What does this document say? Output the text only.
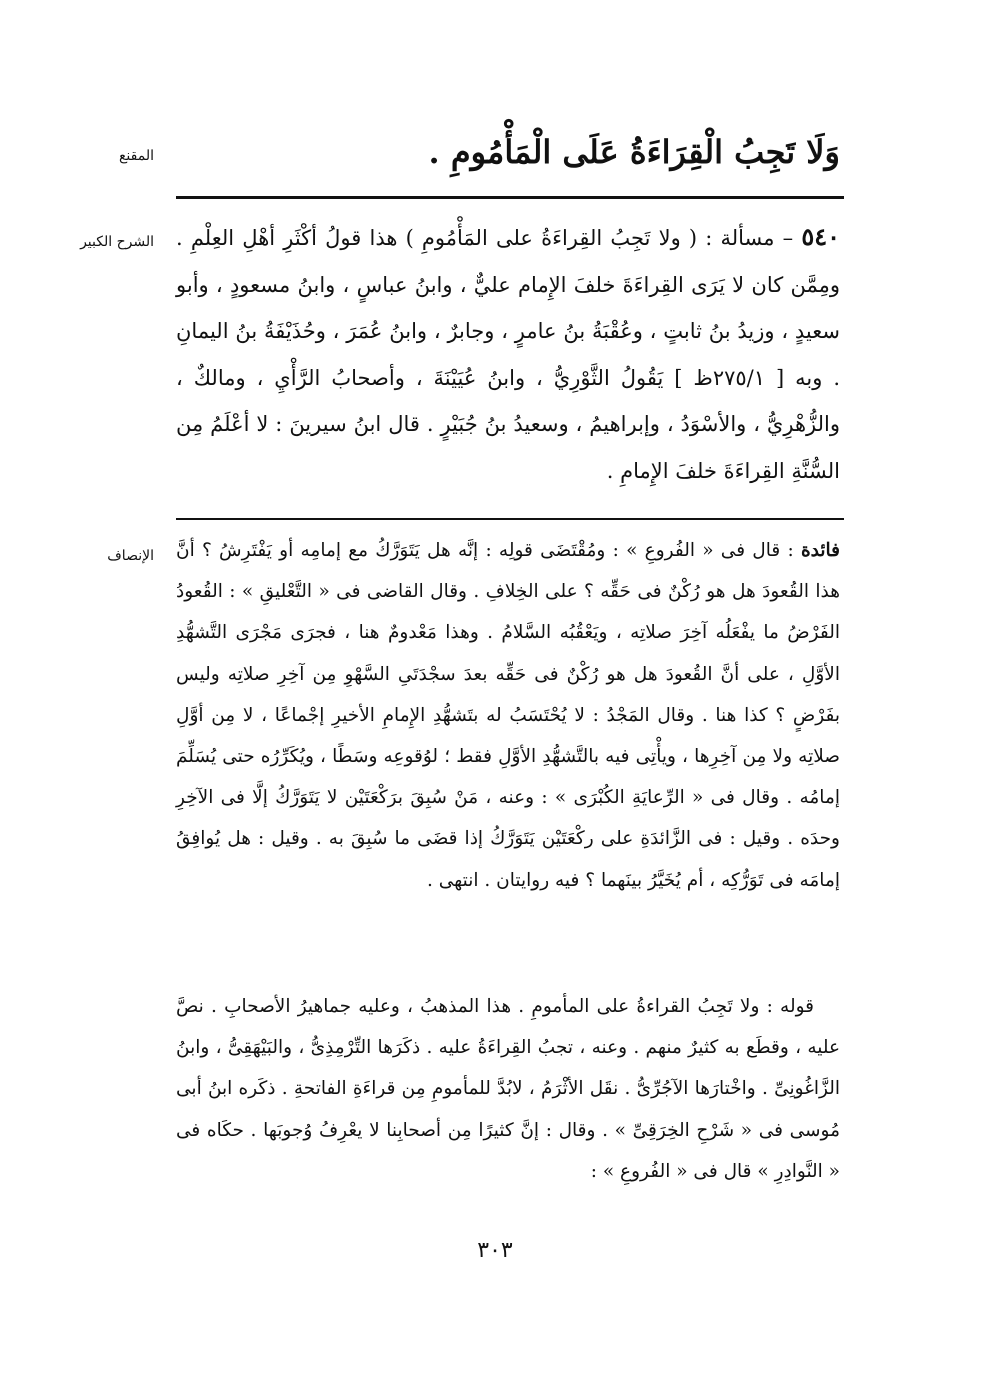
المقنع	وَلَا تَجِبُ الْقِرَاءَةُ عَلَى الْمَأْمُومِ .

الشرح الكبير	٥٤٠ – مسألة : ( ولا تَجِبُ القِراءَةُ على المَأْمُومِ ) هذا قولُ أكْثَرِ أهْلِ العِلْمِ . ومِمَّن كان لا يَرَى القِراءَةَ خلفَ الإِمام عليٌّ ، وابنُ عباسٍ ، وابنُ مسعودٍ ، وأبو سعيدٍ ، وزيدُ بنُ ثابتٍ ، وعُقْبَةُ بنُ عامرٍ ، وجابرٌ ، وابنُ عُمَرَ ، وحُذَيْفَةُ بنُ اليمانِ . وبه [ ٢٧٥/١ظ ] يَقُولُ الثَّوْرِيُّ ، وابنُ عُيَيْنَةَ ، وأصحابُ الرَّأْيِ ، ومالكٌ ، والزُّهْرِيُّ ، والأسْوَدُ ، وإبراهيمُ ، وسعيدُ بنُ جُبَيْرٍ . قال ابنُ سيرينَ : لا أعْلَمُ مِن السُّنَّةِ القِراءَةَ خلفَ الإِمامِ .

الإنصاف	فائدة : قال فى « الفُروعِ » : ومُقْتَضَى قولِه : إنَّه هل يَتَوَرَّكُ مع إمامِه أو يَفْتَرِشُ ؟ أنَّ هذا القُعودَ هل هو رُكْنٌ فى حَقِّه ؟ على الخِلافِ . وقال القاضى فى « التَّعْليقِ » : القُعودُ الفَرْضُ ما يفْعَلُه آخِرَ صلاتِه ، ويَعْقُبُه السَّلامُ . وهذا مَعْدومٌ هنا ، فجرَى مَجْرَى التَّشهُّدِ الأوَّلِ ، على أنَّ القُعودَ هل هو رُكْنٌ فى حَقِّه بعدَ سجْدَتَىِ السَّهْوِ مِن آخِرِ صلاتِه وليس بفَرْضٍ ؟ كذا هنا . وقال المَجْدُ : لا يُحْتَسَبُ له بتَشهُّدِ الإِمامِ الأخيرِ إجْماعًا ، لا مِن أوَّلِ صلاتِه ولا مِن آخِرِها ، ويأْتِى فيه بالتَّشهُّدِ الأوَّلِ فقط ؛ لوُقوعِه وسَطًا ، ويُكَرِّرُه حتى يُسَلِّمَ إمامُه . وقال فى « الرِّعايَةِ الكُبْرَى » : وعنه ، مَنْ سُبِقَ برَكْعَتَيْن لا يَتَوَرَّكُ إلَّا فى الآخِرِ وحدَه . وقيل : فى الزَّائدَةِ على ركْعَتَيْن يَتَوَرَّكُ إذا قضَى ما سُبِقَ به . وقيل : هل يُوافِقُ إمامَه فى تَوَرُّكِه ، أم يُخَيَّرُ بينَهما ؟ فيه روايتان . انتهى .

قوله : ولا تَجِبُ القراءةُ على المأمومِ . هذا المذهبُ ، وعليه جماهيرُ الأصحابِ . نصَّ عليه ، وقطَع به كثيرٌ منهم . وعنه ، تجبُ القِراءَةُ عليه . ذكَرَها التِّرْمِذِىُّ ، والبَيْهَقِىُّ ، وابنُ الزَّاغُونِىِّ . واخْتارَها الآجُرِّىُّ . نقَل الأثْرَمُ ، لابُدَّ للمأمومِ مِن قراءَةِ الفاتحةِ . ذكَره ابنُ أبى مُوسى فى « شَرْحِ الخِرَقِىِّ » . وقال : إنَّ كثيرًا مِن أصحابِنا لا يعْرِفُ وُجوبَها . حكَاه فى « النَّوادِرِ » قال فى « الفُروعِ » :

٣٠٣
